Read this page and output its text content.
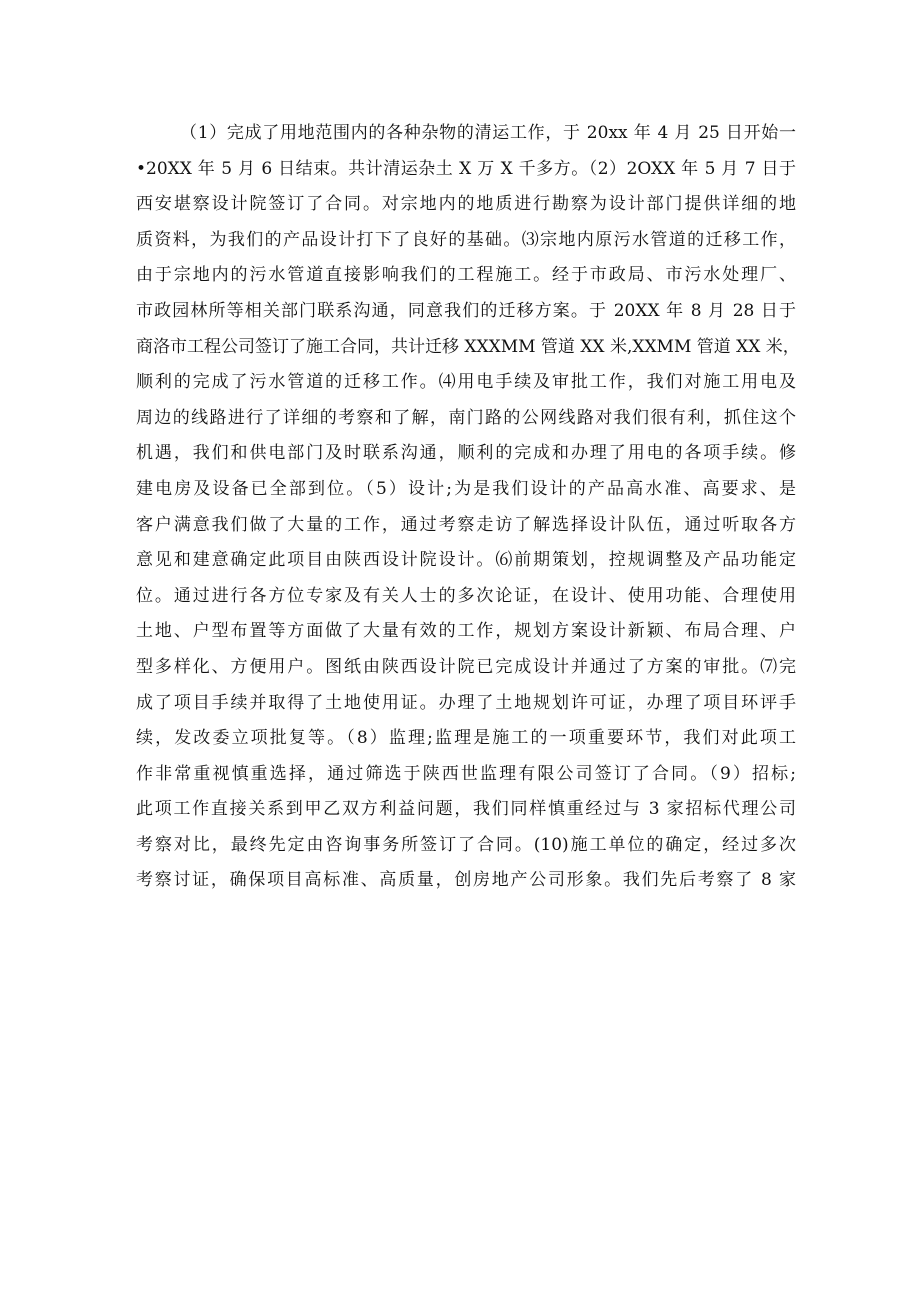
（1）完成了用地范围内的各种杂物的清运工作，于 20xx 年 4 月 25 日开始一
•20XX 年 5 月 6 日结束。共计清运杂土 X 万 X 千多方。（2）2OXX 年 5 月 7 日于
西安堪察设计院签订了合同。对宗地内的地质进行勘察为设计部门提供详细的地
质资料，为我们的产品设计打下了良好的基础。⑶宗地内原污水管道的迁移工作，
由于宗地内的污水管道直接影响我们的工程施工。经于市政局、市污水处理厂、
市政园林所等相关部门联系沟通，同意我们的迁移方案。于 20XX 年 8 月 28 日于
商洛市工程公司签订了施工合同，共计迁移 XXXMM 管道 XX 米,XXMM 管道 XX 米，
顺利的完成了污水管道的迁移工作。⑷用电手续及审批工作，我们对施工用电及
周边的线路进行了详细的考察和了解，南门路的公网线路对我们很有利，抓住这个
机遇，我们和供电部门及时联系沟通，顺利的完成和办理了用电的各项手续。修
建电房及设备已全部到位。（5）设计;为是我们设计的产品高水准、高要求、是
客户满意我们做了大量的工作，通过考察走访了解选择设计队伍，通过听取各方
意见和建意确定此项目由陕西设计院设计。⑹前期策划，控规调整及产品功能定
位。通过进行各方位专家及有关人士的多次论证，在设计、使用功能、合理使用
土地、户型布置等方面做了大量有效的工作，规划方案设计新颖、布局合理、户
型多样化、方便用户。图纸由陕西设计院已完成设计并通过了方案的审批。⑺完
成了项目手续并取得了土地使用证。办理了土地规划许可证，办理了项目环评手
续，发改委立项批复等。（8）监理;监理是施工的一项重要环节，我们对此项工
作非常重视慎重选择，通过筛选于陕西世监理有限公司签订了合同。（9）招标;
此项工作直接关系到甲乙双方利益问题，我们同样慎重经过与 3 家招标代理公司
考察对比，最终先定由咨询事务所签订了合同。(10)施工单位的确定，经过多次
考察讨证，确保项目高标准、高质量，创房地产公司形象。我们先后考察了 8 家
